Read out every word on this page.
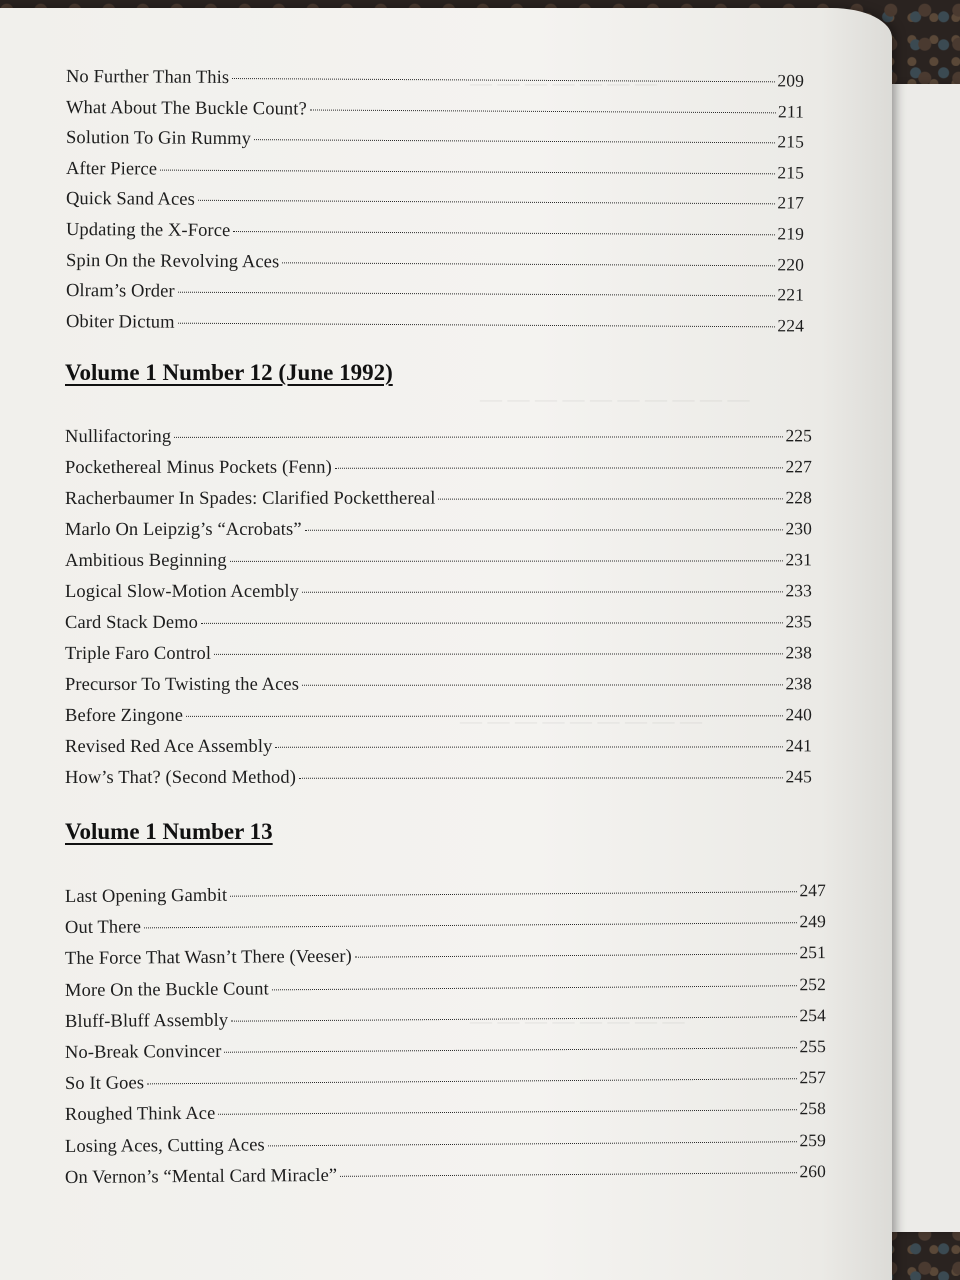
— — — — — — —
— — — — — — — — — —
— — — — — — — — —
— — — — — — — —
No Further Than This	209
What About The Buckle Count?	211
Solution To Gin Rummy	215
After Pierce	215
Quick Sand Aces	217
Updating the X-Force	219
Spin On the Revolving Aces	220
Olram’s Order	221
Obiter Dictum	224
Volume 1 Number 12 (June 1992)
Nullifactoring	225
Pockethereal Minus Pockets (Fenn)	227
Racherbaumer In Spades: Clarified Pocketthereal	228
Marlo On Leipzig’s “Acrobats”	230
Ambitious Beginning	231
Logical Slow-Motion Acembly	233
Card Stack Demo	235
Triple Faro Control	238
Precursor To Twisting the Aces	238
Before Zingone	240
Revised Red Ace Assembly	241
How’s That? (Second Method)	245
Volume 1 Number 13
Last Opening Gambit	247
Out There	249
The Force That Wasn’t There (Veeser)	251
More On the Buckle Count	252
Bluff-Bluff Assembly	254
No-Break Convincer	255
So It Goes	257
Roughed Think Ace	258
Losing Aces, Cutting Aces	259
On Vernon’s “Mental Card Miracle”	260
